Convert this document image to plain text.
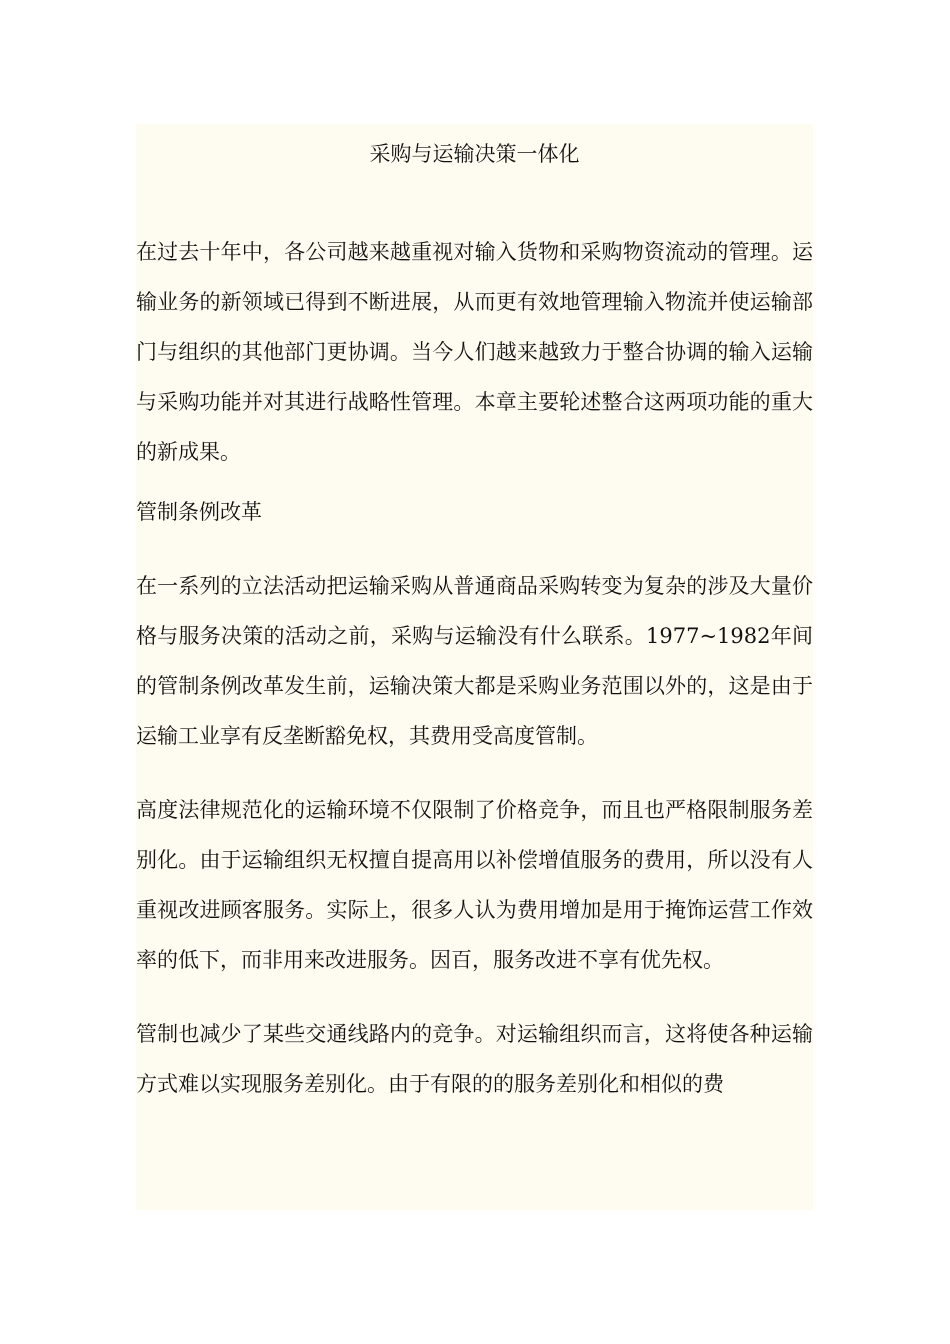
采购与运输决策一体化

在过去十年中，各公司越来越重视对输入货物和采购物资流动的管理。运输业务的新领域已得到不断进展，从而更有效地管理输入物流并使运输部门与组织的其他部门更协调。当今人们越来越致力于整合协调的输入运输与采购功能并对其进行战略性管理。本章主要轮述整合这两项功能的重大的新成果。

管制条例改革

在一系列的立法活动把运输采购从普通商品采购转变为复杂的涉及大量价格与服务决策的活动之前，采购与运输没有什么联系。1977~1982年间的管制条例改革发生前，运输决策大都是采购业务范围以外的，这是由于运输工业享有反垄断豁免权，其费用受高度管制。

高度法律规范化的运输环境不仅限制了价格竞争，而且也严格限制服务差别化。由于运输组织无权擅自提高用以补偿增值服务的费用，所以没有人重视改进顾客服务。实际上，很多人认为费用增加是用于掩饰运营工作效率的低下，而非用来改进服务。因百，服务改进不享有优先权。

管制也减少了某些交通线路内的竞争。对运输组织而言，这将使各种运输方式难以实现服务差别化。由于有限的的服务差别化和相似的费
